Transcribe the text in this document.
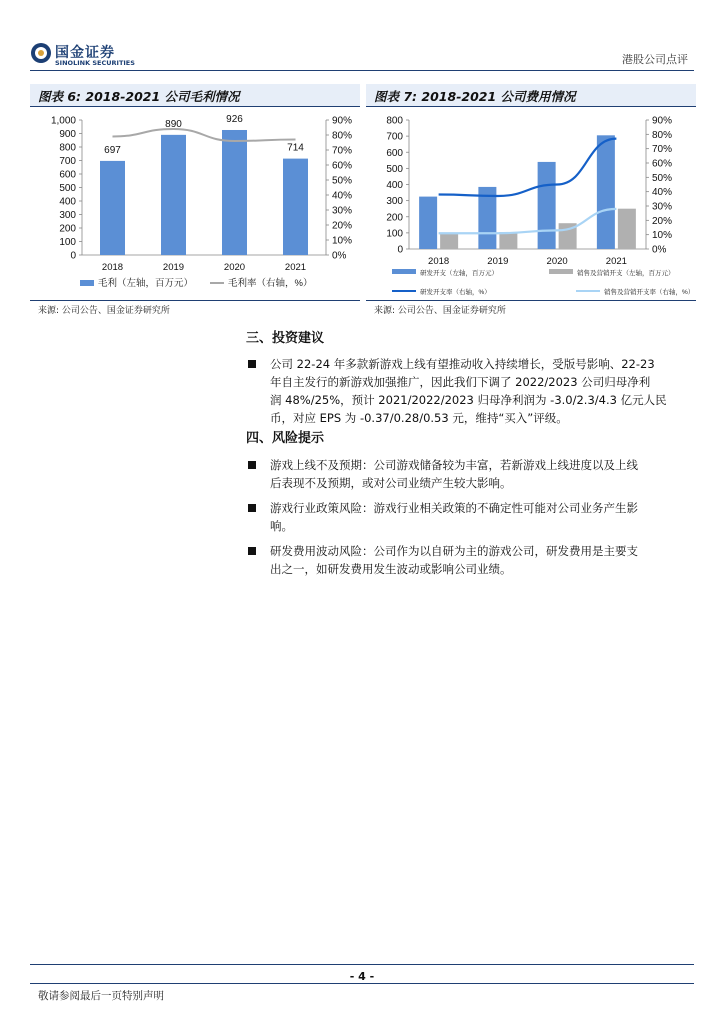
国金证券
SINOLINK SECURITIES	港股公司点评
图表 6: 2018-2021 公司毛利情况
0
100
200
300
400
500
600
700
800
900
1,000
0%
10%
20%
30%
40%
50%
60%
70%
80%
90%
2018	2019	2020	2021
697
890	926
714
毛利（左轴，百万元）	毛利率（右轴，%）
来源: 公司公告、国金证券研究所
图表 7: 2018-2021 公司费用情况
0
100
200
300
400
500
600
700
800
0%
10%
20%
30%
40%
50%
60%
70%
80%
90%
2018	2019	2020	2021
研发开支（左轴，百万元）	销售及营销开支（左轴，百万元）
研发开支率（右轴，%）	销售及营销开支率（右轴，%）
来源: 公司公告、国金证券研究所
三、投资建议
公司 22-24 年多款新游戏上线有望推动收入持续增长，受版号影响、22-23
年自主发行的新游戏加强推广，因此我们下调了 2022/2023 公司归母净利
润 48%/25%，预计 2021/2022/2023 归母净利润为 -3.0/2.3/4.3 亿元人民
币，对应 EPS 为 -0.37/0.28/0.53 元，维持“买入”评级。
四、风险提示
游戏上线不及预期：公司游戏储备较为丰富，若新游戏上线进度以及上线
后表现不及预期，或对公司业绩产生较大影响。
游戏行业政策风险：游戏行业相关政策的不确定性可能对公司业务产生影
响。
研发费用波动风险：公司作为以自研为主的游戏公司，研发费用是主要支
出之一，如研发费用发生波动或影响公司业绩。
- 4 -
敬请参阅最后一页特别声明
